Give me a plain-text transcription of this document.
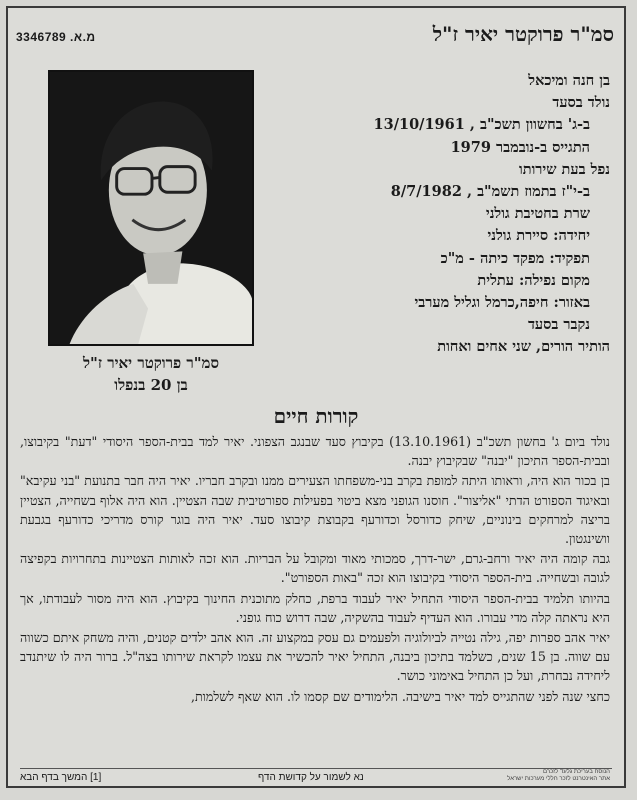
מ.א. 3346789	סמ"ר פרוקטר יאיר ז"ל
סמ"ר פרוקטר יאיר ז"ל
בן 20 בנפלו
בן חנה ומיכאל
נולד בסעד
ב-ג' בחשוון תשכ"ב , 13/10/1961
התגייס ב-נובמבר 1979
נפל בעת שירותו
ב-י"ז בתמוז תשמ"ב , 8/7/1982
שרת בחטיבת גולני
יחידה: סיירת גולני
תפקיד: מפקד כיתה - מ"כ
מקום נפילה: עתלית
באזור: חיפה,כרמל וגליל מערבי
נקבר בסעד
הותיר הורים, שני אחים ואחות
קורות חיים

נולד ביום ג' בחשון תשכ"ב (13.10.1961) בקיבוץ סעד שבנגב הצפוני. יאיר למד בבית-הספר היסודי "דעת" בקיבוצו, ובבית-הספר התיכון "יבנה" שבקיבוץ יבנה.

בן בכור הוא היה, וראותו היתה למופת בקרב בני-משפחתו הצעירים ממנו ובקרב חבריו. יאיר היה חבר בתנועת "בני עקיבא" ובאיגוד הספורט הדתי "אליצור". חוסנו הגופני מצא ביטוי בפעילות ספורטיבית שבה הצטיין. הוא היה אלוף בשחייה, הצטיין בריצה למרחקים בינוניים, שיחק כדורסל וכדורעף בקבוצת קיבוצו סעד. יאיר היה בוגר קורס מדריכי כדורעף בגבעת וושינגטון.

גבה קומה היה יאיר ורחב-גרם, ישר-דרך, סמכותי מאוד ומקובל על הבריות. הוא זכה לאותות הצטיינות בתחרויות בקפיצה לגובה ובשחייה. בית-הספר היסודי בקיבוצו הוא זכה "באות הספורט".

בהיותו תלמיד בבית-הספר היסודי התחיל יאיר לעבוד ברפת, כחלק מתוכנית החינוך בקיבוץ. הוא היה מסור לעבודתו, אך היא נראתה קלה מדי עבורו. הוא העדיף לעבוד בהשקיה, שבה דרוש כוח גופני.

יאיר אהב ספרות יפה, גילה נטייה לביולוגיה ולפעמים גם עסק במקצוע זה. הוא אהב ילדים קטנים, והיה משחק איתם כשווה עם שווה. בן 15 שנים, כשלמד בתיכון ביבנה, התחיל יאיר להכשיר את עצמו לקראת שירותו בצה"ל. ברור היה לו שיתנדב ליחידה נבחרת, ועל כן התחיל באימוני כושר.

כחצי שנה לפני שהתגייס למד יאיר בישיבה. הלימודים שם קסמו לו. הוא שאף לשלמות,

[1] המשך בדף הבא	נא לשמור על קדושת הדף	הנוסח בעריכת גלעד לזכרם
אתר האינטרנט לזכר חללי מערכות ישראל
